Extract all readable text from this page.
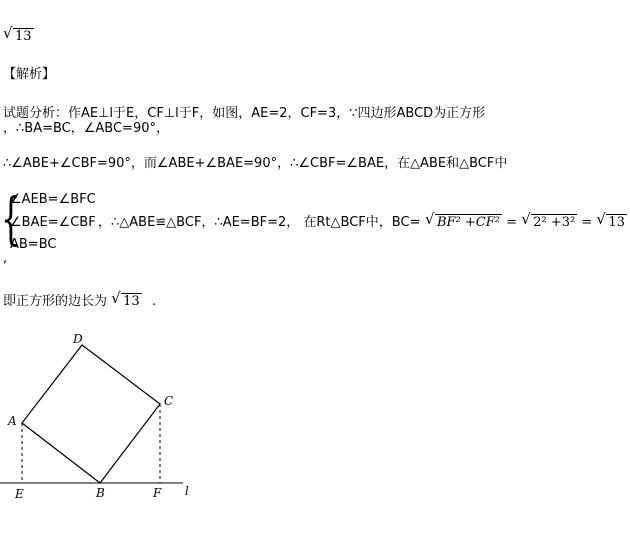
√ 13
【解析】
试题分析：作AE⊥l于E，CF⊥l于F，如图，AE=2，CF=3，∵四边形ABCD为正方形
，∴BA=BC，∠ABC=90°，
∴∠ABE+∠CBF=90°，而∠ABE+∠BAE=90°，∴∠CBF=∠BAE，在△ABE和△BCF中
{
∠AEB=∠BFC
∠BAE=∠CBF
AB=BC
,
，∴△ABE≌△BCF，∴AE=BF=2， 在Rt△BCF中，BC= √ BF² +CF² = √ 2² +3² = √ 13
即正方形的边长为 √ 13 .
D
A
C
E	B	F l
